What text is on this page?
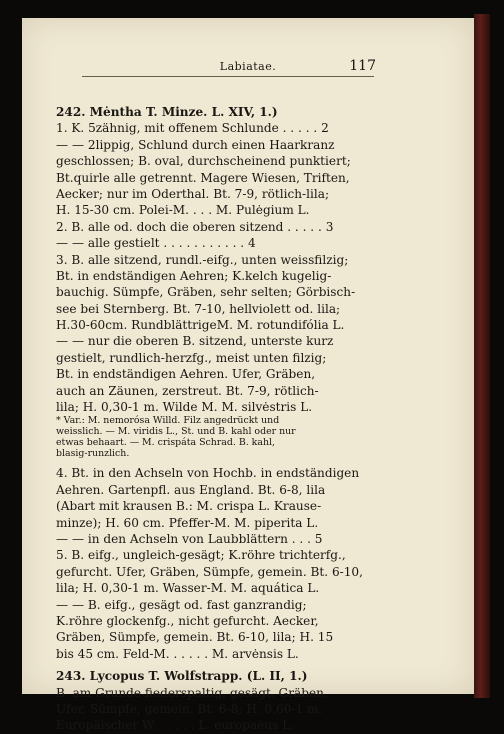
Labiatae.	117
242. Mėntha T. Minze. L. XIV, 1.)
1. K. 5zähnig, mit offenem Schlunde . . . . . 2
— — 2lippig, Schlund durch einen Haarkranz
geschlossen; B. oval, durchscheinend punktiert;
Bt.quirle alle getrennt. Magere Wiesen, Triften,
Aecker; nur im Oderthal. Bt. 7-9, rötlich-lila;
H. 15-30 cm. Polei-M. . . . M. Pulėgium L.
2. B. alle od. doch die oberen sitzend . . . . . 3
— — alle gestielt . . . . . . . . . . . 4
3. B. alle sitzend, rundl.-eifg., unten weissfilzig;
Bt. in endständigen Aehren; K.kelch kugelig-
bauchig. Sümpfe, Gräben, sehr selten; Görbisch-
see bei Sternberg. Bt. 7-10, hellviolett od. lila;
H.30-60cm. RundblättrigeM. M. rotundifólia L.
— — nur die oberen B. sitzend, unterste kurz
gestielt, rundlich-herzfg., meist unten filzig;
Bt. in endständigen Aehren. Ufer, Gräben,
auch an Zäunen, zerstreut. Bt. 7-9, rötlich-
lila; H. 0,30-1 m. Wilde M. M. silvėstris L.
* Var.: M. nemorósa Willd. Filz angedrückt und
weisslich. — M. viridis L., St. und B. kahl oder nur
etwas behaart. — M. crispáta Schrad. B. kahl,
blasig-runzlich.
4. Bt. in den Achseln von Hochb. in endständigen
Aehren. Gartenpfl. aus England. Bt. 6-8, lila
(Abart mit krausen B.: M. crispa L. Krause-
minze); H. 60 cm. Pfeffer-M. M. piperita L.
— — in den Achseln von Laubblättern . . . 5
5. B. eifg., ungleich-gesägt; K.röhre trichterfg.,
gefurcht. Ufer, Gräben, Sümpfe, gemein. Bt. 6-10,
lila; H. 0,30-1 m. Wasser-M. M. aquática L.
— — B. eifg., gesägt od. fast ganzrandig;
K.röhre glockenfg., nicht gefurcht. Aecker,
Gräben, Sümpfe, gemein. Bt. 6-10, lila; H. 15
bis 45 cm. Feld-M. . . . . . M. arvėnsis L.
243. Lycopus T. Wolfstrapp. (L. II, 1.)
B. am Grunde fiederspaltig, gesägt. Gräben,
Ufer, Sümpfe, gemein. Bt. 6-8; H. 0,60-1 m.
Europäischer W. . . . . . L. europaėus L.
